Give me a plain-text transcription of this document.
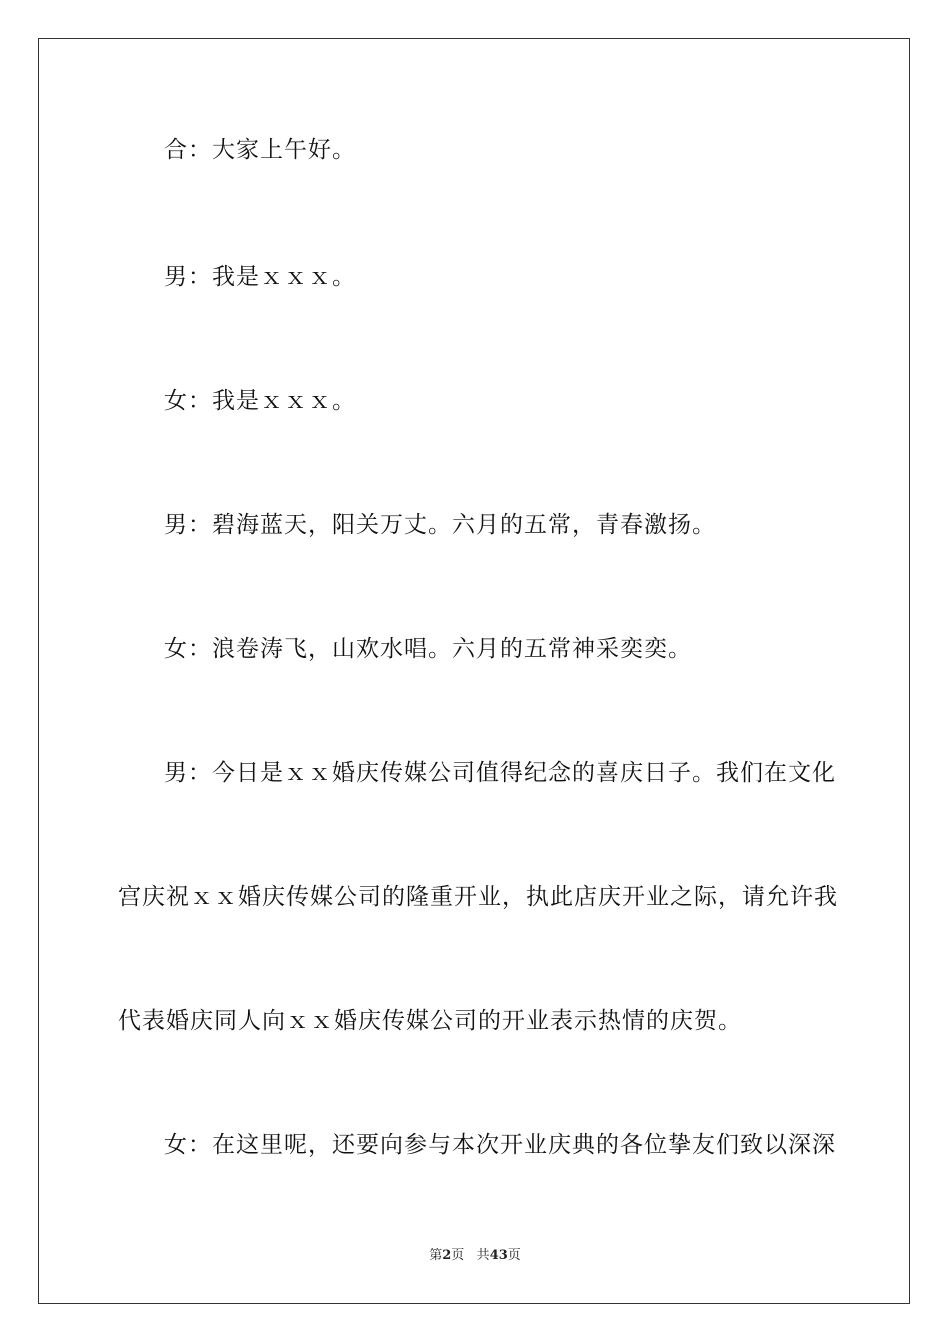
合：大家上午好。
男：我是ｘｘｘ。
女：我是ｘｘｘ。
男：碧海蓝天，阳关万丈。六月的五常，青春激扬。
女：浪卷涛飞，山欢水唱。六月的五常神采奕奕。
男：今日是ｘｘ婚庆传媒公司值得纪念的喜庆日子。我们在文化
宫庆祝ｘｘ婚庆传媒公司的隆重开业，执此店庆开业之际，请允许我
代表婚庆同人向ｘｘ婚庆传媒公司的开业表示热情的庆贺。
女：在这里呢，还要向参与本次开业庆典的各位挚友们致以深深
第2页 共43页
